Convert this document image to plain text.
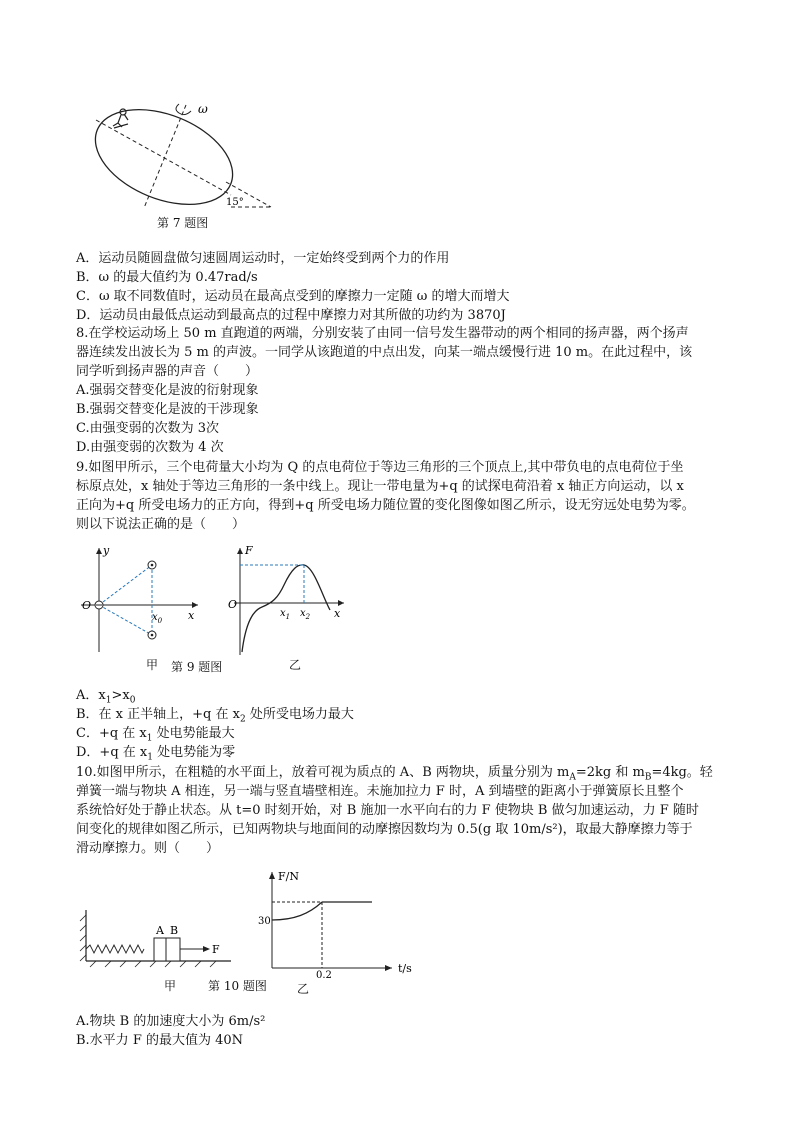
ω
15°
第 7 题图
A．运动员随圆盘做匀速圆周运动时，一定始终受到两个力的作用
B．ω 的最大值约为 0.47rad/s
C．ω 取不同数值时，运动员在最高点受到的摩擦力一定随 ω 的增大而增大
D．运动员由最低点运动到最高点的过程中摩擦力对其所做的功约为 3870J
8.在学校运动场上 50 m 直跑道的两端，分别安装了由同一信号发生器带动的两个相同的扬声器，两个扬声
器连续发出波长为 5 m 的声波。一同学从该跑道的中点出发，向某一端点缓慢行进 10 m。在此过程中，该
同学听到扬声器的声音（　　）
A.强弱交替变化是波的衍射现象
B.强弱交替变化是波的干涉现象
C.由强变弱的次数为 3次
D.由强变弱的次数为 4 次
9.如图甲所示，三个电荷量大小均为 Q 的点电荷位于等边三角形的三个顶点上,其中带负电的点电荷位于坐
标原点处，x 轴处于等边三角形的一条中线上。现让一带电量为+q 的试探电荷沿着 x 轴正方向运动，以 x
正向为+q 所受电场力的正方向，得到+q 所受电场力随位置的变化图像如图乙所示，设无穷远处电势为零。
则以下说法正确的是（　　）
y
x
O
$x_0$
甲 第 9 题图
F
O
x
$x_1$ $x_2$
乙
A．$x_1>x_0$
B．在 x 正半轴上，+q 在 $x_2$ 处所受电场力最大
C．+q 在 $x_1$ 处电势能最大
D．+q 在 $x_1$ 处电势能为零
10.如图甲所示，在粗糙的水平面上，放着可视为质点的 A、B 两物块，质量分别为 $m_A=2kg$ 和 $m_B=4kg$。轻
弹簧一端与物块 A 相连，另一端与竖直墙壁相连。未施加拉力 F 时，A 到墙壁的距离小于弹簧原长且整个
系统恰好处于静止状态。从 t=0 时刻开始，对 B 施加一水平向右的力 F 使物块 B 做匀加速运动，力 F 随时
间变化的规律如图乙所示，已知两物块与地面间的动摩擦因数均为 0.5(g 取 10m/s²)，取最大静摩擦力等于
滑动摩擦力。则（　　）
A B
F
甲	第 10 题图
F/N
t/s
30
0.2
乙
A.物块 B 的加速度大小为 6m/s²
B.水平力 F 的最大值为 40N
